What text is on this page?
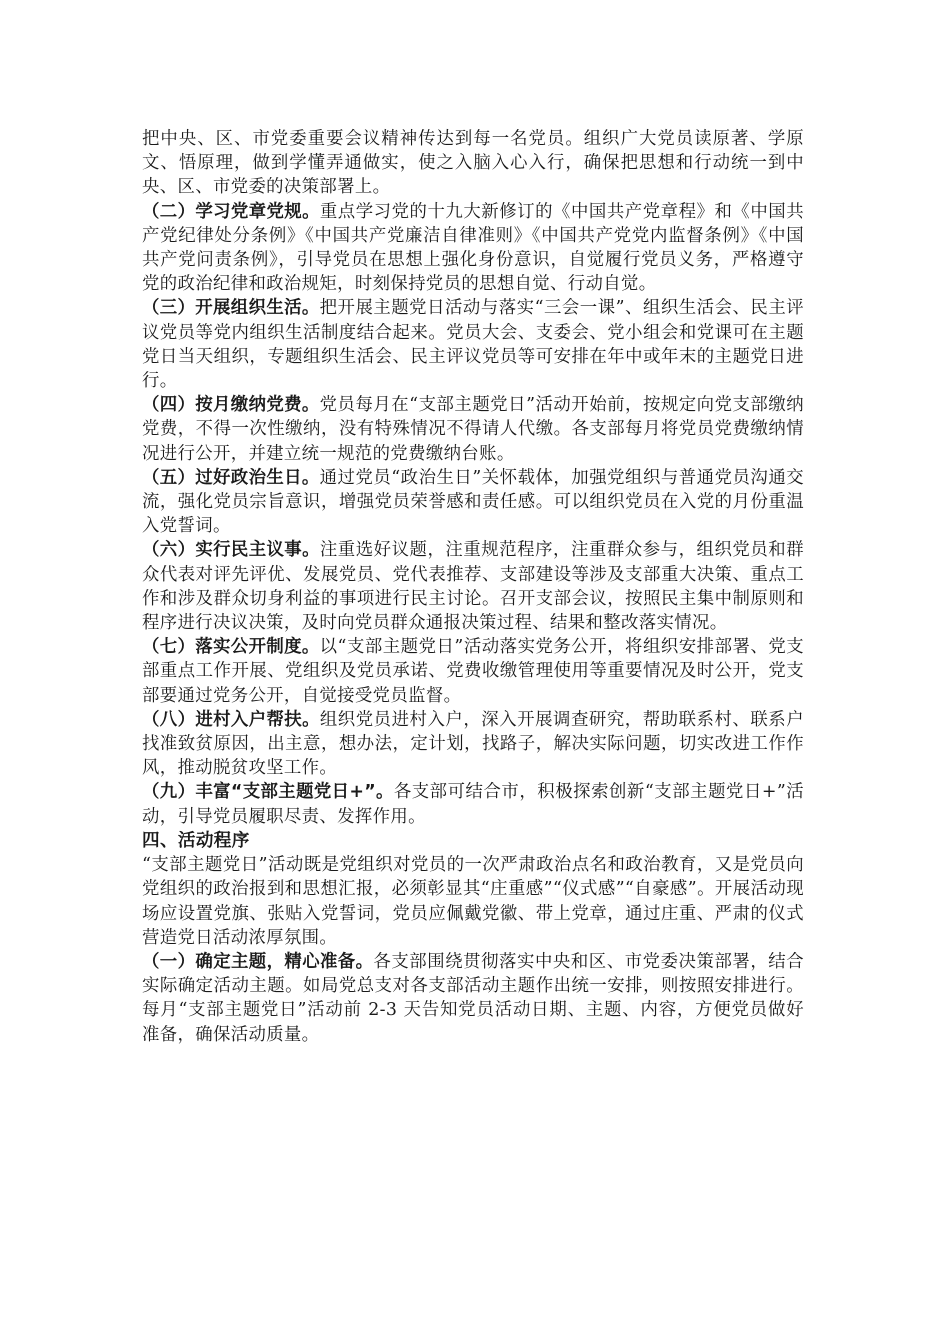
把中央、区、市党委重要会议精神传达到每一名党员。组织广大党员读原著、学原文、悟原理，做到学懂弄通做实，使之入脑入心入行，确保把思想和行动统一到中央、区、市党委的决策部署上。

（二）学习党章党规。重点学习党的十九大新修订的《中国共产党章程》和《中国共产党纪律处分条例》《中国共产党廉洁自律准则》《中国共产党党内监督条例》《中国共产党问责条例》，引导党员在思想上强化身份意识，自觉履行党员义务，严格遵守党的政治纪律和政治规矩，时刻保持党员的思想自觉、行动自觉。

（三）开展组织生活。把开展主题党日活动与落实“三会一课”、组织生活会、民主评议党员等党内组织生活制度结合起来。党员大会、支委会、党小组会和党课可在主题党日当天组织，专题组织生活会、民主评议党员等可安排在年中或年末的主题党日进行。

（四）按月缴纳党费。党员每月在“支部主题党日”活动开始前，按规定向党支部缴纳党费，不得一次性缴纳，没有特殊情况不得请人代缴。各支部每月将党员党费缴纳情况进行公开，并建立统一规范的党费缴纳台账。

（五）过好政治生日。通过党员“政治生日”关怀载体，加强党组织与普通党员沟通交流，强化党员宗旨意识，增强党员荣誉感和责任感。可以组织党员在入党的月份重温入党誓词。

（六）实行民主议事。注重选好议题，注重规范程序，注重群众参与，组织党员和群众代表对评先评优、发展党员、党代表推荐、支部建设等涉及支部重大决策、重点工作和涉及群众切身利益的事项进行民主讨论。召开支部会议，按照民主集中制原则和程序进行决议决策，及时向党员群众通报决策过程、结果和整改落实情况。

（七）落实公开制度。以“支部主题党日”活动落实党务公开，将组织安排部署、党支部重点工作开展、党组织及党员承诺、党费收缴管理使用等重要情况及时公开，党支部要通过党务公开，自觉接受党员监督。

（八）进村入户帮扶。组织党员进村入户，深入开展调查研究，帮助联系村、联系户找准致贫原因，出主意，想办法，定计划，找路子，解决实际问题，切实改进工作作风，推动脱贫攻坚工作。

（九）丰富“支部主题党日+”。各支部可结合市，积极探索创新“支部主题党日+”活动，引导党员履职尽责、发挥作用。

四、活动程序

“支部主题党日”活动既是党组织对党员的一次严肃政治点名和政治教育，又是党员向党组织的政治报到和思想汇报，必须彰显其“庄重感”“仪式感”“自豪感”。开展活动现场应设置党旗、张贴入党誓词，党员应佩戴党徽、带上党章，通过庄重、严肃的仪式营造党日活动浓厚氛围。

（一）确定主题，精心准备。各支部围绕贯彻落实中央和区、市党委决策部署，结合实际确定活动主题。如局党总支对各支部活动主题作出统一安排，则按照安排进行。每月“支部主题党日”活动前 2-3 天告知党员活动日期、主题、内容，方便党员做好准备，确保活动质量。
